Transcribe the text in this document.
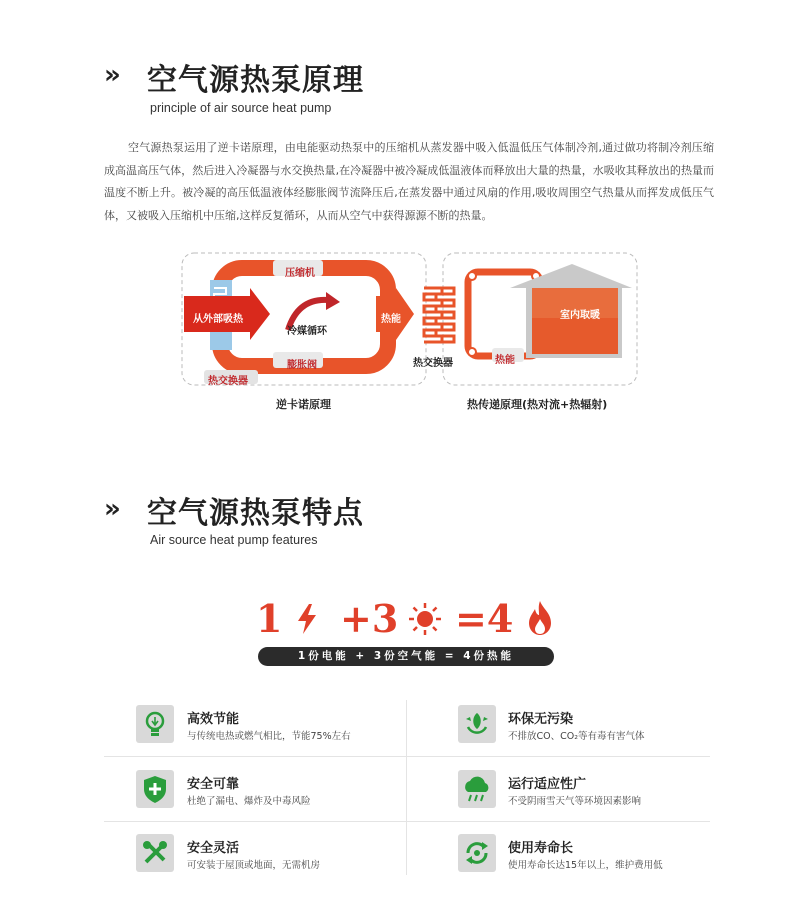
» 空气源热泵原理
principle of air source heat pump
空气源热泵运用了逆卡诺原理，由电能驱动热泵中的压缩机从蒸发器中吸入低温低压气体制冷剂,通过做功将制冷剂压缩成高温高压气体，然后进入冷凝器与水交换热量,在冷凝器中被冷凝成低温液体而释放出大量的热量，水吸收其释放出的热量而温度不断上升。被冷凝的高压低温液体经膨胀阀节流降压后,在蒸发器中通过风扇的作用,吸收周围空气热量从而挥发成低压气体，又被吸入压缩机中压缩,这样反复循环，从而从空气中获得源源不断的热量。
压缩机
从外部吸热
冷媒循环
膨胀阀
热交换器
热能
热交换器	热能
室内取暖
逆卡诺原理	热传递原理(热对流+热辐射)
» 空气源热泵特点
Air source heat pump features
1 +3 =4
1份电能 + 3份空气能 = 4份热能
高效节能
与传统电热或燃气相比，节能75%左右
环保无污染
不排放CO、CO₂等有毒有害气体
安全可靠
杜绝了漏电、爆炸及中毒风险
运行适应性广
不受阴雨雪天气等环境因素影响
安全灵活
可安装于屋顶或地面，无需机房
使用寿命长
使用寿命长达15年以上，维护费用低
